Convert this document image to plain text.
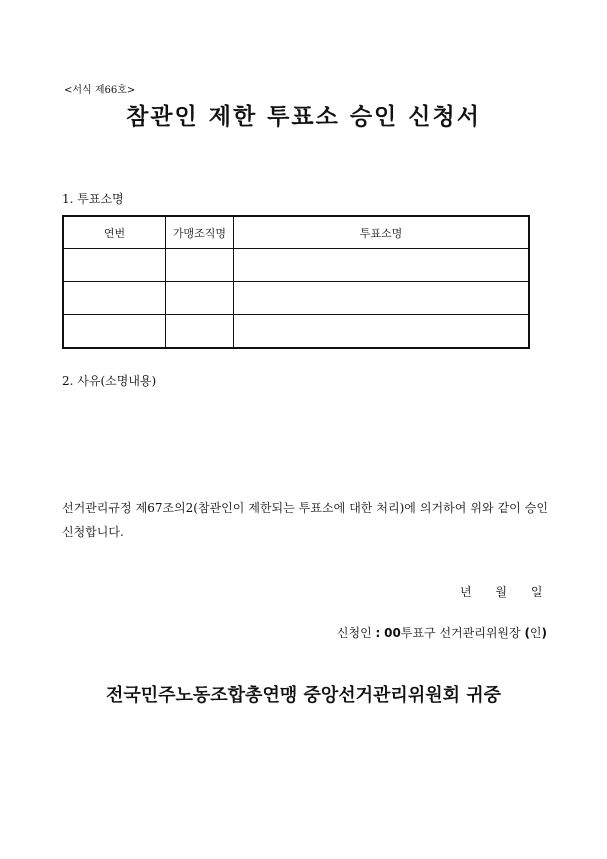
<서식 제66호>
참관인 제한 투표소 승인 신청서
1. 투표소명
연번	가맹조직명	투표소명

2. 사유(소명내용)
선거관리규정 제67조의2(참관인이 제한되는 투표소에 대한 처리)에 의거하여 위와 같이 승인 신청합니다.
년 월 일
신청인 : 00투표구 선거관리위원장 (인)
전국민주노동조합총연맹 중앙선거관리위원회 귀중
